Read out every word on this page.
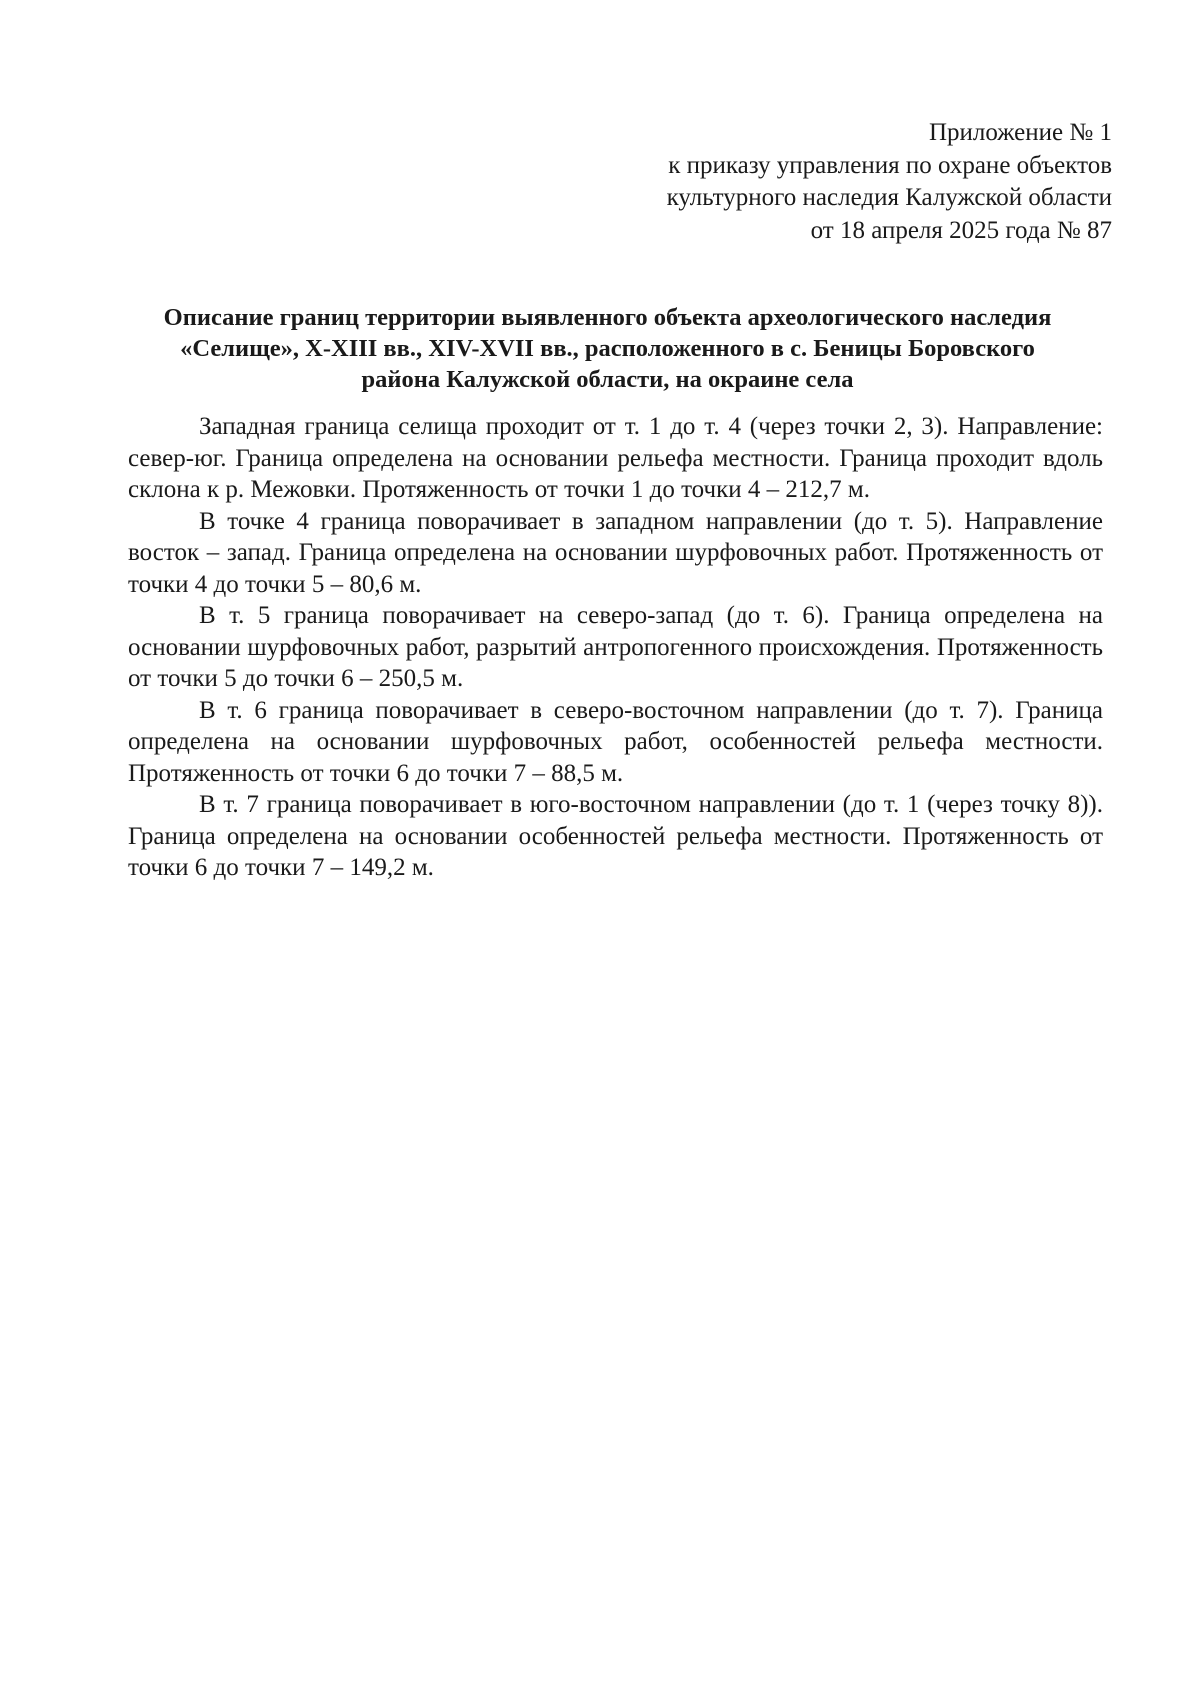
Приложение № 1
к приказу управления по охране объектов
культурного наследия Калужской области
от 18 апреля 2025 года № 87
Описание границ территории выявленного объекта археологического наследия
«Селище», X-XIII вв., XIV-XVII вв., расположенного в с. Беницы Боровского
района Калужской области, на окраине села

Западная граница селища проходит от т. 1 до т. 4 (через точки 2, 3). Направление: север-юг. Граница определена на основании рельефа местности. Граница проходит вдоль склона к р. Межовки. Протяженность от точки 1 до точки 4 – 212,7 м.

В точке 4 граница поворачивает в западном направлении (до т. 5). Направление восток – запад. Граница определена на основании шурфовочных работ. Протяженность от точки 4 до точки 5 – 80,6 м.

В т. 5 граница поворачивает на северо-запад (до т. 6). Граница определена на основании шурфовочных работ, разрытий антропогенного происхождения. Протяженность от точки 5 до точки 6 – 250,5 м.

В т. 6 граница поворачивает в северо-восточном направлении (до т. 7). Граница определена на основании шурфовочных работ, особенностей рельефа местности. Протяженность от точки 6 до точки 7 – 88,5 м.

В т. 7 граница поворачивает в юго-восточном направлении (до т. 1 (через точку 8)). Граница определена на основании особенностей рельефа местности. Протяженность от точки 6 до точки 7 – 149,2 м.
